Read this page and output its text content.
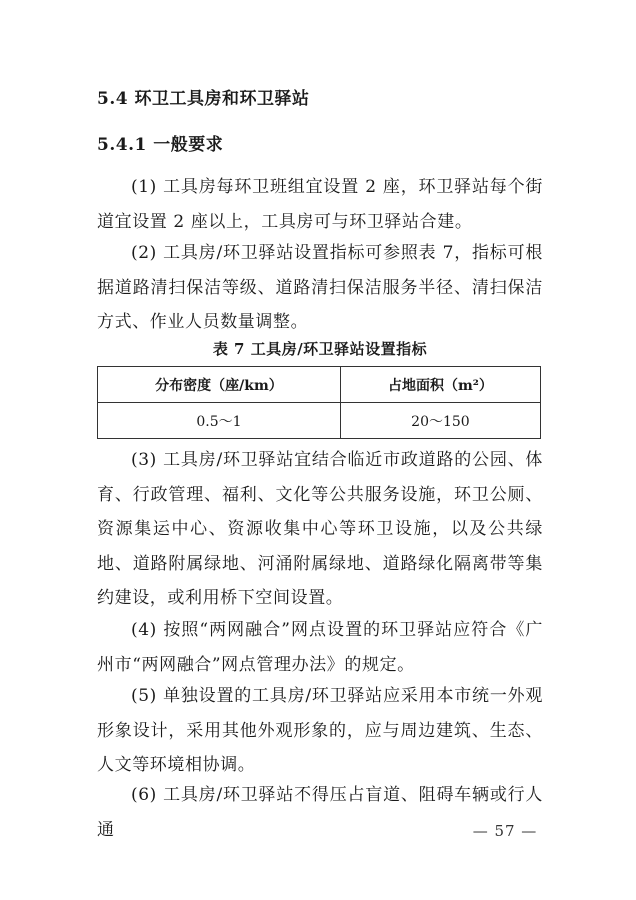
5.4 环卫工具房和环卫驿站
5.4.1 一般要求

(1) 工具房每环卫班组宜设置 2 座，环卫驿站每个街道宜设置 2 座以上，工具房可与环卫驿站合建。

(2) 工具房/环卫驿站设置指标可参照表 7，指标可根据道路清扫保洁等级、道路清扫保洁服务半径、清扫保洁方式、作业人员数量调整。

表 7 工具房/环卫驿站设置指标
分布密度（座/km）	占地面积（m²）
0.5～1	20～150

(3) 工具房/环卫驿站宜结合临近市政道路的公园、体育、行政管理、福利、文化等公共服务设施，环卫公厕、资源集运中心、资源收集中心等环卫设施，以及公共绿地、道路附属绿地、河涌附属绿地、道路绿化隔离带等集约建设，或利用桥下空间设置。

(4) 按照“两网融合”网点设置的环卫驿站应符合《广州市“两网融合”网点管理办法》的规定。

(5) 单独设置的工具房/环卫驿站应采用本市统一外观形象设计，采用其他外观形象的，应与周边建筑、生态、人文等环境相协调。

(6) 工具房/环卫驿站不得压占盲道、阻碍车辆或行人通	— 57 —
